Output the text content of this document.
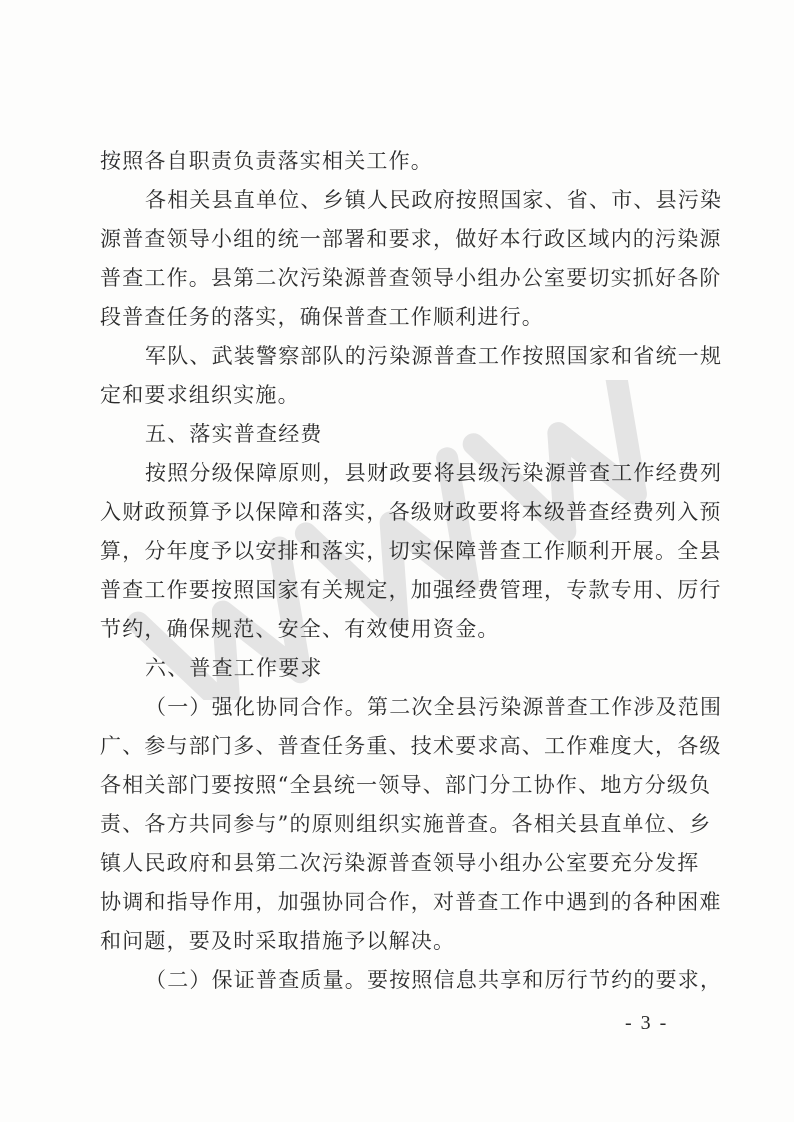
WWW
按照各自职责负责落实相关工作。
各相关县直单位、乡镇人民政府按照国家、省、市、县污染
源普查领导小组的统一部署和要求，做好本行政区域内的污染源
普查工作。县第二次污染源普查领导小组办公室要切实抓好各阶
段普查任务的落实，确保普查工作顺利进行。
军队、武装警察部队的污染源普查工作按照国家和省统一规
定和要求组织实施。
五、落实普查经费
按照分级保障原则，县财政要将县级污染源普查工作经费列
入财政预算予以保障和落实，各级财政要将本级普查经费列入预
算，分年度予以安排和落实，切实保障普查工作顺利开展。全县
普查工作要按照国家有关规定，加强经费管理，专款专用、厉行
节约，确保规范、安全、有效使用资金。
六、普查工作要求
（一）强化协同合作。第二次全县污染源普查工作涉及范围
广、参与部门多、普查任务重、技术要求高、工作难度大，各级
各相关部门要按照“全县统一领导、部门分工协作、地方分级负
责、各方共同参与”的原则组织实施普查。各相关县直单位、乡
镇人民政府和县第二次污染源普查领导小组办公室要充分发挥
协调和指导作用，加强协同合作，对普查工作中遇到的各种困难
和问题，要及时采取措施予以解决。
（二）保证普查质量。要按照信息共享和厉行节约的要求，
- 3 -
